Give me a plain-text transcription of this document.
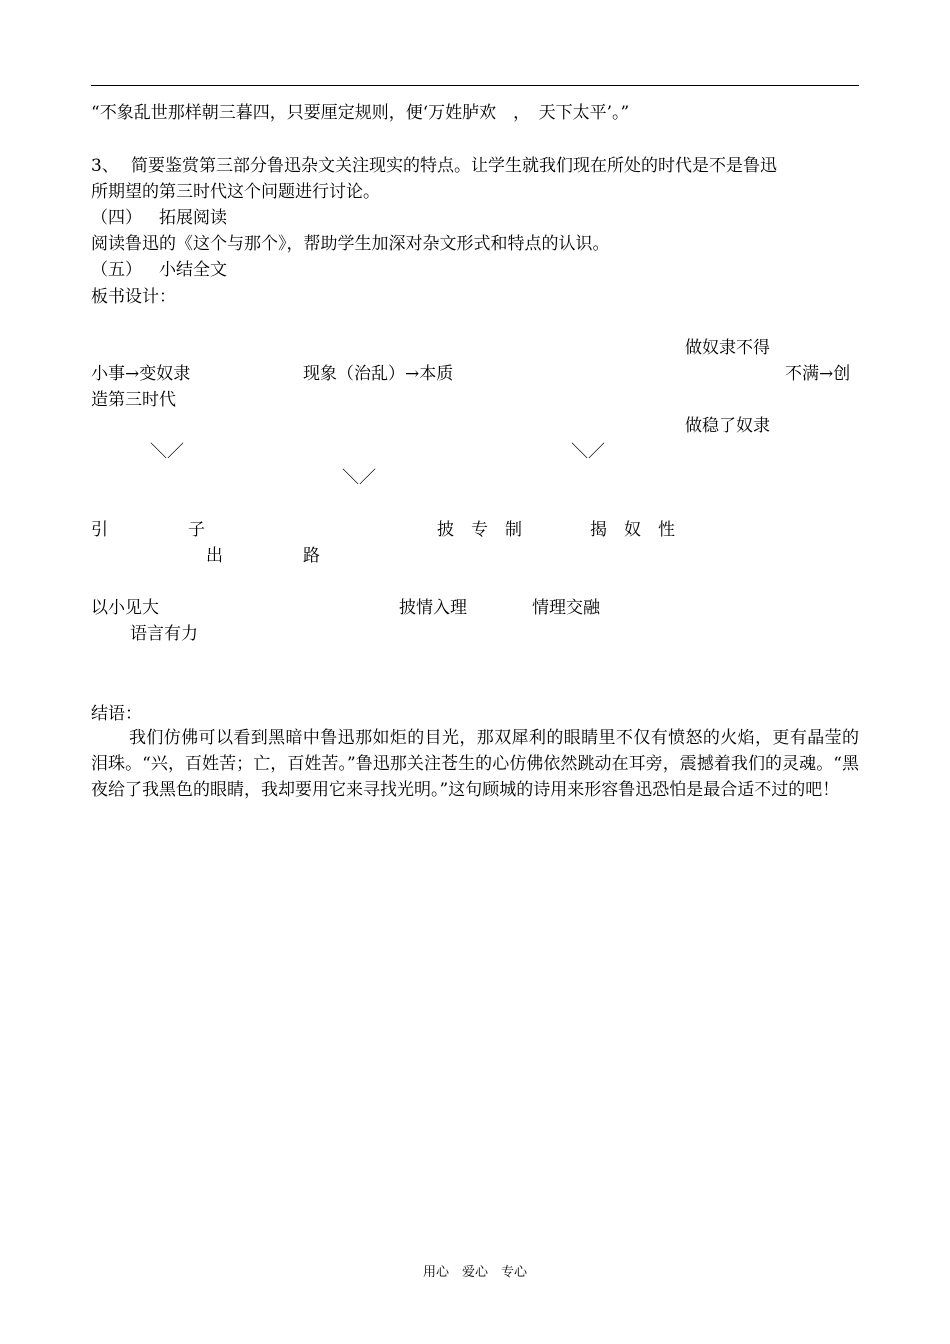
“不象乱世那样朝三暮四，只要厘定规则，便‘万姓胪欢　，　天下太平’。”
3、 简要鉴赏第三部分鲁迅杂文关注现实的特点。让学生就我们现在所处的时代是不是鲁迅
所期望的第三时代这个问题进行讨论。
（四） 拓展阅读
阅读鲁迅的《这个与那个》，帮助学生加深对杂文形式和特点的认识。
（五） 小结全文
板书设计：
做奴隶不得
小事→变奴隶	现象（治乱）→本质	不满→创
造第三时代
做稳了奴隶
＼／	＼／
＼／
引	子	披　专　制	揭　奴　性
出	路
以小见大	披情入理	情理交融
语言有力
结语：
我们仿佛可以看到黑暗中鲁迅那如炬的目光，那双犀利的眼睛里不仅有愤怒的火焰，更有晶莹的泪珠。“兴，百姓苦；亡，百姓苦。”鲁迅那关注苍生的心仿佛依然跳动在耳旁，震撼着我们的灵魂。“黑夜给了我黑色的眼睛，我却要用它来寻找光明。”这句顾城的诗用来形容鲁迅恐怕是最合适不过的吧！
用心　爱心　专心
